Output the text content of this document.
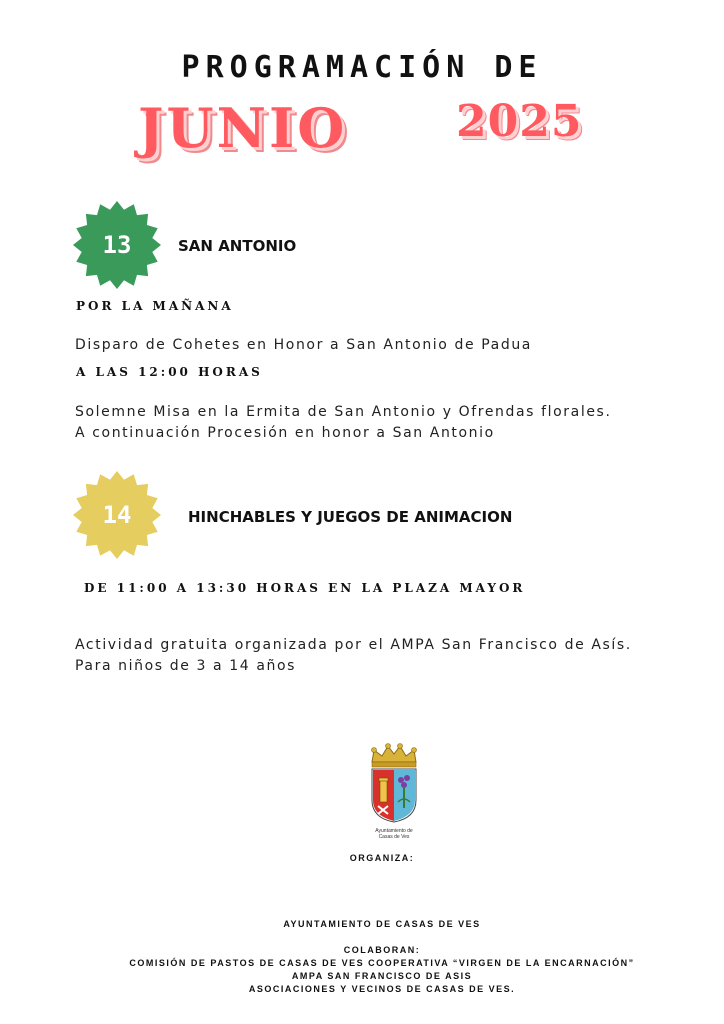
PROGRAMACIÓN DE
JUNIO 2025
13	SAN ANTONIO
POR LA MAÑANA
Disparo de Cohetes en Honor a San Antonio de Padua
A LAS 12:00 HORAS
Solemne Misa en la Ermita de San Antonio y Ofrendas florales.
A continuación Procesión en honor a San Antonio
14	HINCHABLES Y JUEGOS DE ANIMACION
DE 11:00 A 13:30 HORAS EN LA PLAZA MAYOR
Actividad gratuita organizada por el AMPA San Francisco de Asís.
Para niños de 3 a 14 años
Ayuntamiento de
Casas de Ves
ORGANIZA:
AYUNTAMIENTO DE CASAS DE VES
COLABORAN:
COMISIÓN DE PASTOS DE CASAS DE VES COOPERATIVA “VIRGEN DE LA ENCARNACIÓN”
AMPA SAN FRANCISCO DE ASIS
ASOCIACIONES Y VECINOS DE CASAS DE VES.
